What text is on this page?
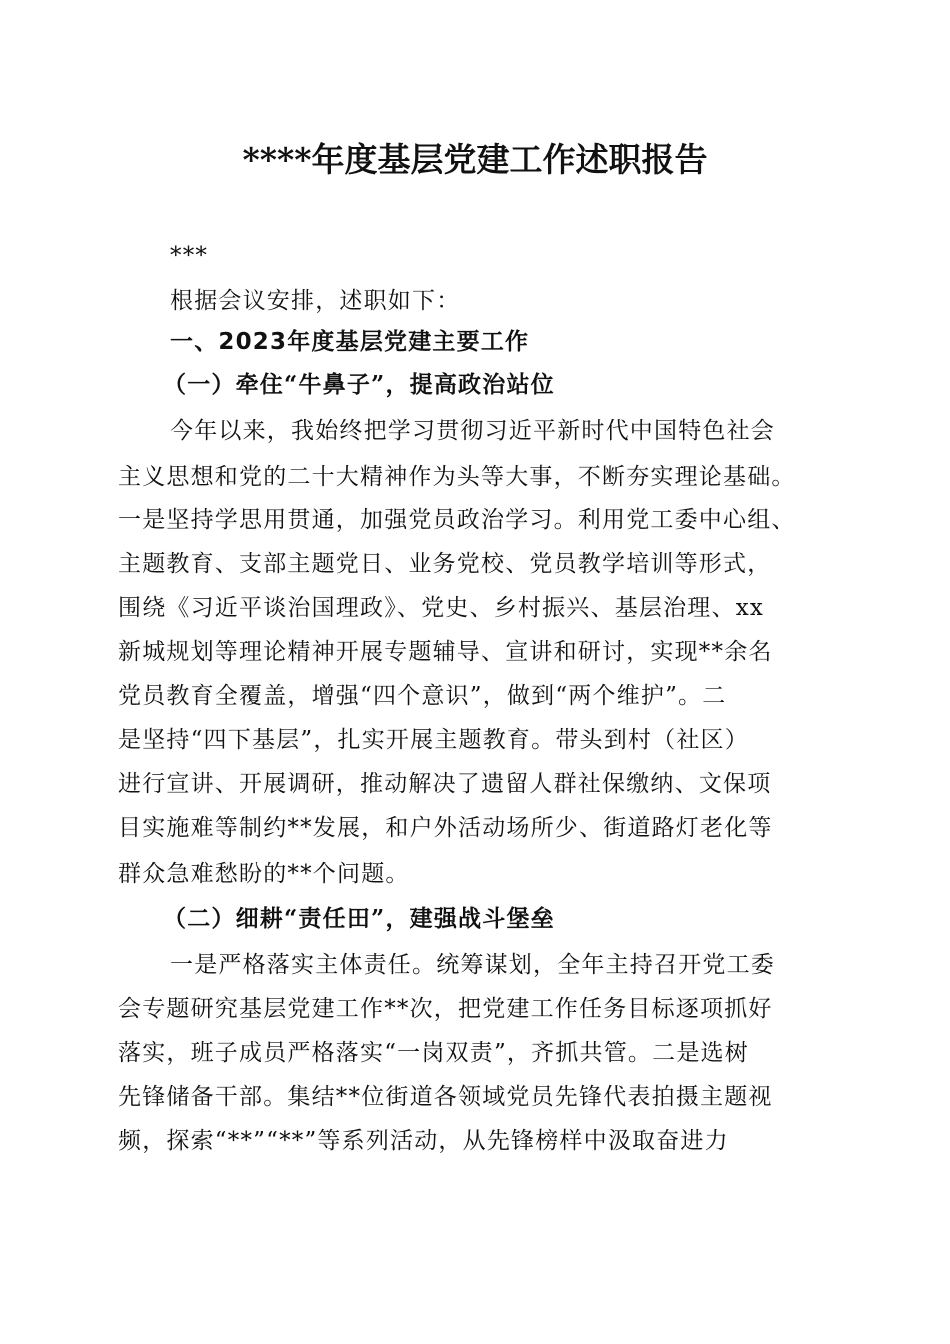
****年度基层党建工作述职报告
***
根据会议安排，述职如下：
一、2023年度基层党建主要工作
（一）牵住“牛鼻子”，提高政治站位
今年以来，我始终把学习贯彻习近平新时代中国特色社会
主义思想和党的二十大精神作为头等大事，不断夯实理论基础。
一是坚持学思用贯通，加强党员政治学习。利用党工委中心组、
主题教育、支部主题党日、业务党校、党员教学培训等形式，
围绕《习近平谈治国理政》、党史、乡村振兴、基层治理、xx
新城规划等理论精神开展专题辅导、宣讲和研讨，实现**余名
党员教育全覆盖，增强“四个意识”，做到“两个维护”。二
是坚持“四下基层”，扎实开展主题教育。带头到村（社区）
进行宣讲、开展调研，推动解决了遗留人群社保缴纳、文保项
目实施难等制约**发展，和户外活动场所少、街道路灯老化等
群众急难愁盼的**个问题。
（二）细耕“责任田”，建强战斗堡垒
一是严格落实主体责任。统筹谋划，全年主持召开党工委
会专题研究基层党建工作**次，把党建工作任务目标逐项抓好
落实，班子成员严格落实“一岗双责”，齐抓共管。二是选树
先锋储备干部。集结**位街道各领域党员先锋代表拍摄主题视
频，探索“**”“**”等系列活动，从先锋榜样中汲取奋进力
